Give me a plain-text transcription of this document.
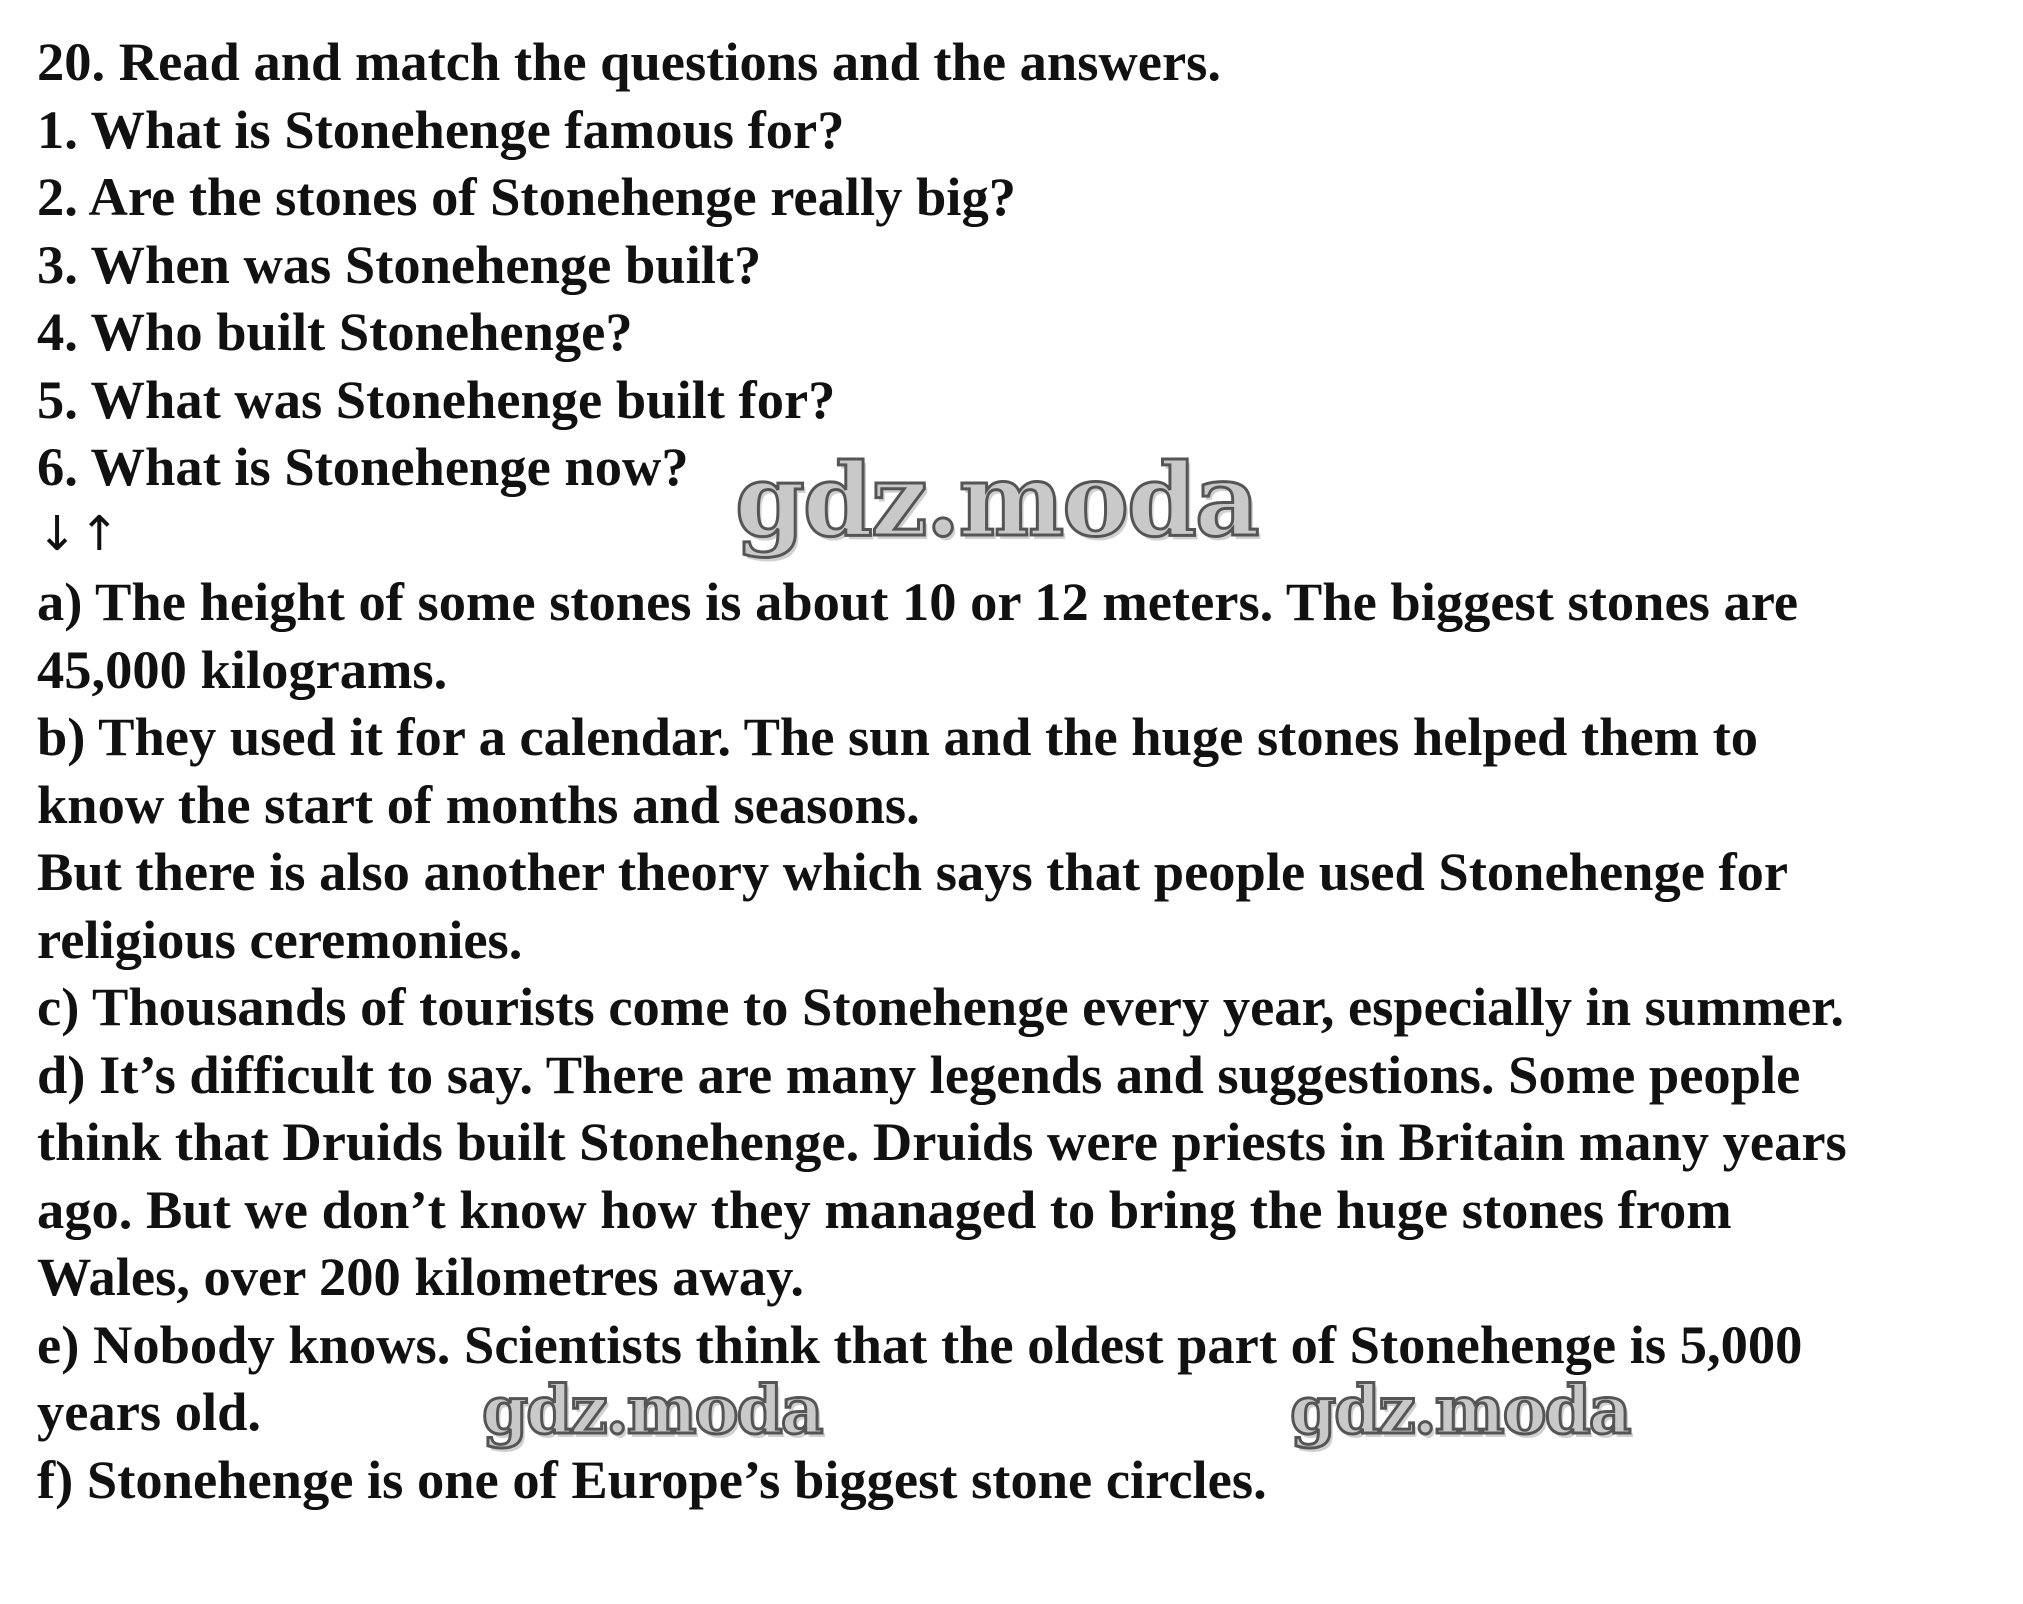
20. Read and match the questions and the answers.
1. What is Stonehenge famous for?
2. Are the stones of Stonehenge really big?
3. When was Stonehenge built?
4. Who built Stonehenge?
5. What was Stonehenge built for?
6. What is Stonehenge now?
↓↑
a) The height of some stones is about 10 or 12 meters. The biggest stones are
45,000 kilograms.
b) They used it for a calendar. The sun and the huge stones helped them to
know the start of months and seasons.
But there is also another theory which says that people used Stonehenge for
religious ceremonies.
c) Thousands of tourists come to Stonehenge every year, especially in summer.
d) It’s difficult to say. There are many legends and suggestions. Some people
think that Druids built Stonehenge. Druids were priests in Britain many years
ago. But we don’t know how they managed to bring the huge stones from
Wales, over 200 kilometres away.
e) Nobody knows. Scientists think that the oldest part of Stonehenge is 5,000
years old.
f) Stonehenge is one of Europe’s biggest stone circles.
gdz.moda
gdz.moda	gdz.moda
